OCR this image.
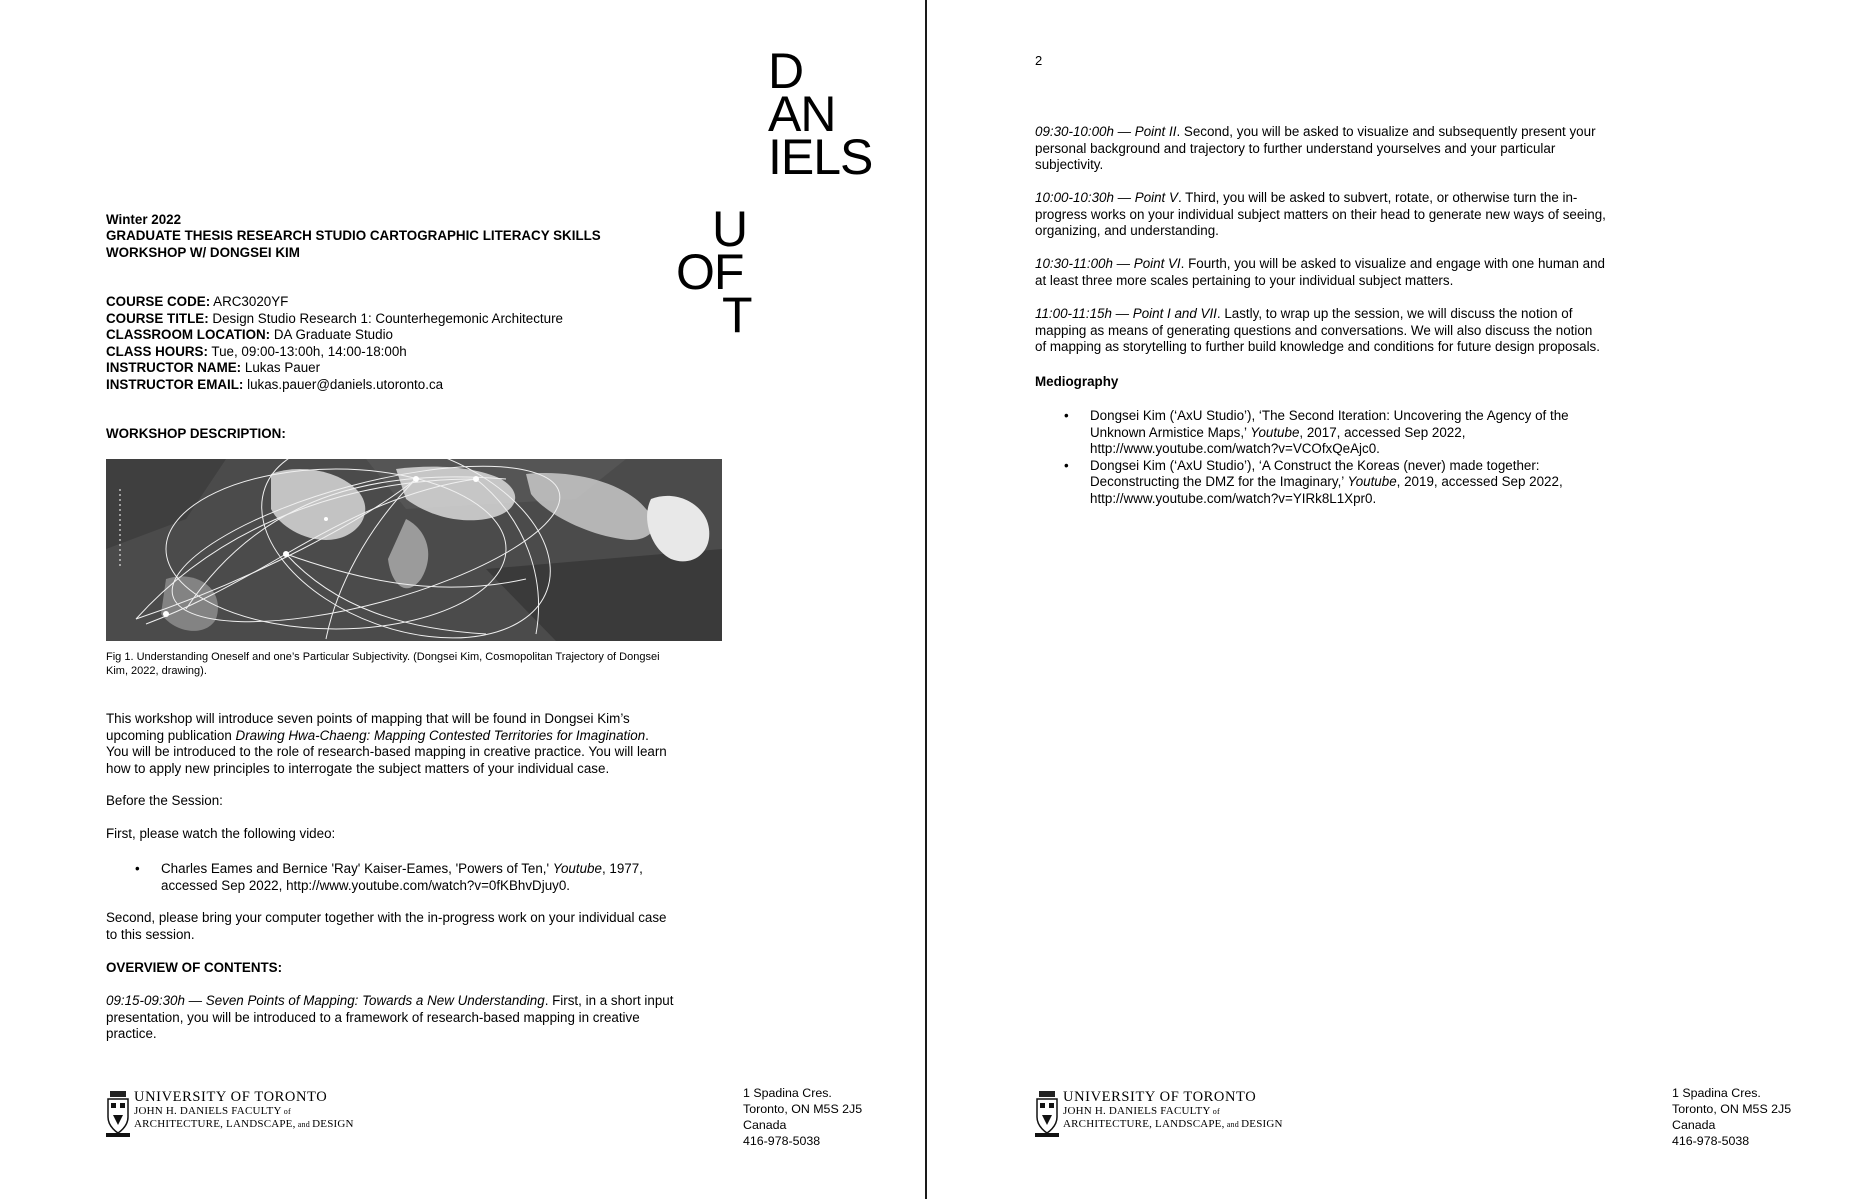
D
AN
IELS
U
OF
T
Winter 2022
GRADUATE THESIS RESEARCH STUDIO CARTOGRAPHIC LITERACY SKILLS
WORKSHOP W/ DONGSEI KIM
COURSE CODE: ARC3020YF
COURSE TITLE: Design Studio Research 1: Counterhegemonic Architecture
CLASSROOM LOCATION: DA Graduate Studio
CLASS HOURS: Tue, 09:00-13:00h, 14:00-18:00h
INSTRUCTOR NAME: Lukas Pauer
INSTRUCTOR EMAIL: lukas.pauer@daniels.utoronto.ca
WORKSHOP DESCRIPTION:
Fig 1. Understanding Oneself and one’s Particular Subjectivity. (Dongsei Kim, Cosmopolitan Trajectory of Dongsei
Kim, 2022, drawing).
This workshop will introduce seven points of mapping that will be found in Dongsei Kim’s
upcoming publication Drawing Hwa-Chaeng: Mapping Contested Territories for Imagination.
You will be introduced to the role of research-based mapping in creative practice. You will learn
how to apply new principles to interrogate the subject matters of your individual case.
Before the Session:
First, please watch the following video:
• Charles Eames and Bernice 'Ray' Kaiser-Eames, 'Powers of Ten,' Youtube, 1977,
accessed Sep 2022, http://www.youtube.com/watch?v=0fKBhvDjuy0.
Second, please bring your computer together with the in-progress work on your individual case
to this session.
OVERVIEW OF CONTENTS:
09:15-09:30h — Seven Points of Mapping: Towards a New Understanding. First, in a short input
presentation, you will be introduced to a framework of research-based mapping in creative
practice.
UNIVERSITY OF TORONTO
JOHN H. DANIELS FACULTY of
ARCHITECTURE, LANDSCAPE, and DESIGN
1 Spadina Cres.
Toronto, ON M5S 2J5
Canada
416-978-5038
2
09:30-10:00h — Point II. Second, you will be asked to visualize and subsequently present your
personal background and trajectory to further understand yourselves and your particular
subjectivity.
10:00-10:30h — Point V. Third, you will be asked to subvert, rotate, or otherwise turn the in-
progress works on your individual subject matters on their head to generate new ways of seeing,
organizing, and understanding.
10:30-11:00h — Point VI. Fourth, you will be asked to visualize and engage with one human and
at least three more scales pertaining to your individual subject matters.
11:00-11:15h — Point I and VII. Lastly, to wrap up the session, we will discuss the notion of
mapping as means of generating questions and conversations. We will also discuss the notion
of mapping as storytelling to further build knowledge and conditions for future design proposals.
Mediography
• Dongsei Kim (‘AxU Studio’), ‘The Second Iteration: Uncovering the Agency of the
Unknown Armistice Maps,’ Youtube, 2017, accessed Sep 2022,
http://www.youtube.com/watch?v=VCOfxQeAjc0.
• Dongsei Kim (‘AxU Studio’), ‘A Construct the Koreas (never) made together:
Deconstructing the DMZ for the Imaginary,’ Youtube, 2019, accessed Sep 2022,
http://www.youtube.com/watch?v=YIRk8L1Xpr0.
UNIVERSITY OF TORONTO
JOHN H. DANIELS FACULTY of
ARCHITECTURE, LANDSCAPE, and DESIGN
1 Spadina Cres.
Toronto, ON M5S 2J5
Canada
416-978-5038
